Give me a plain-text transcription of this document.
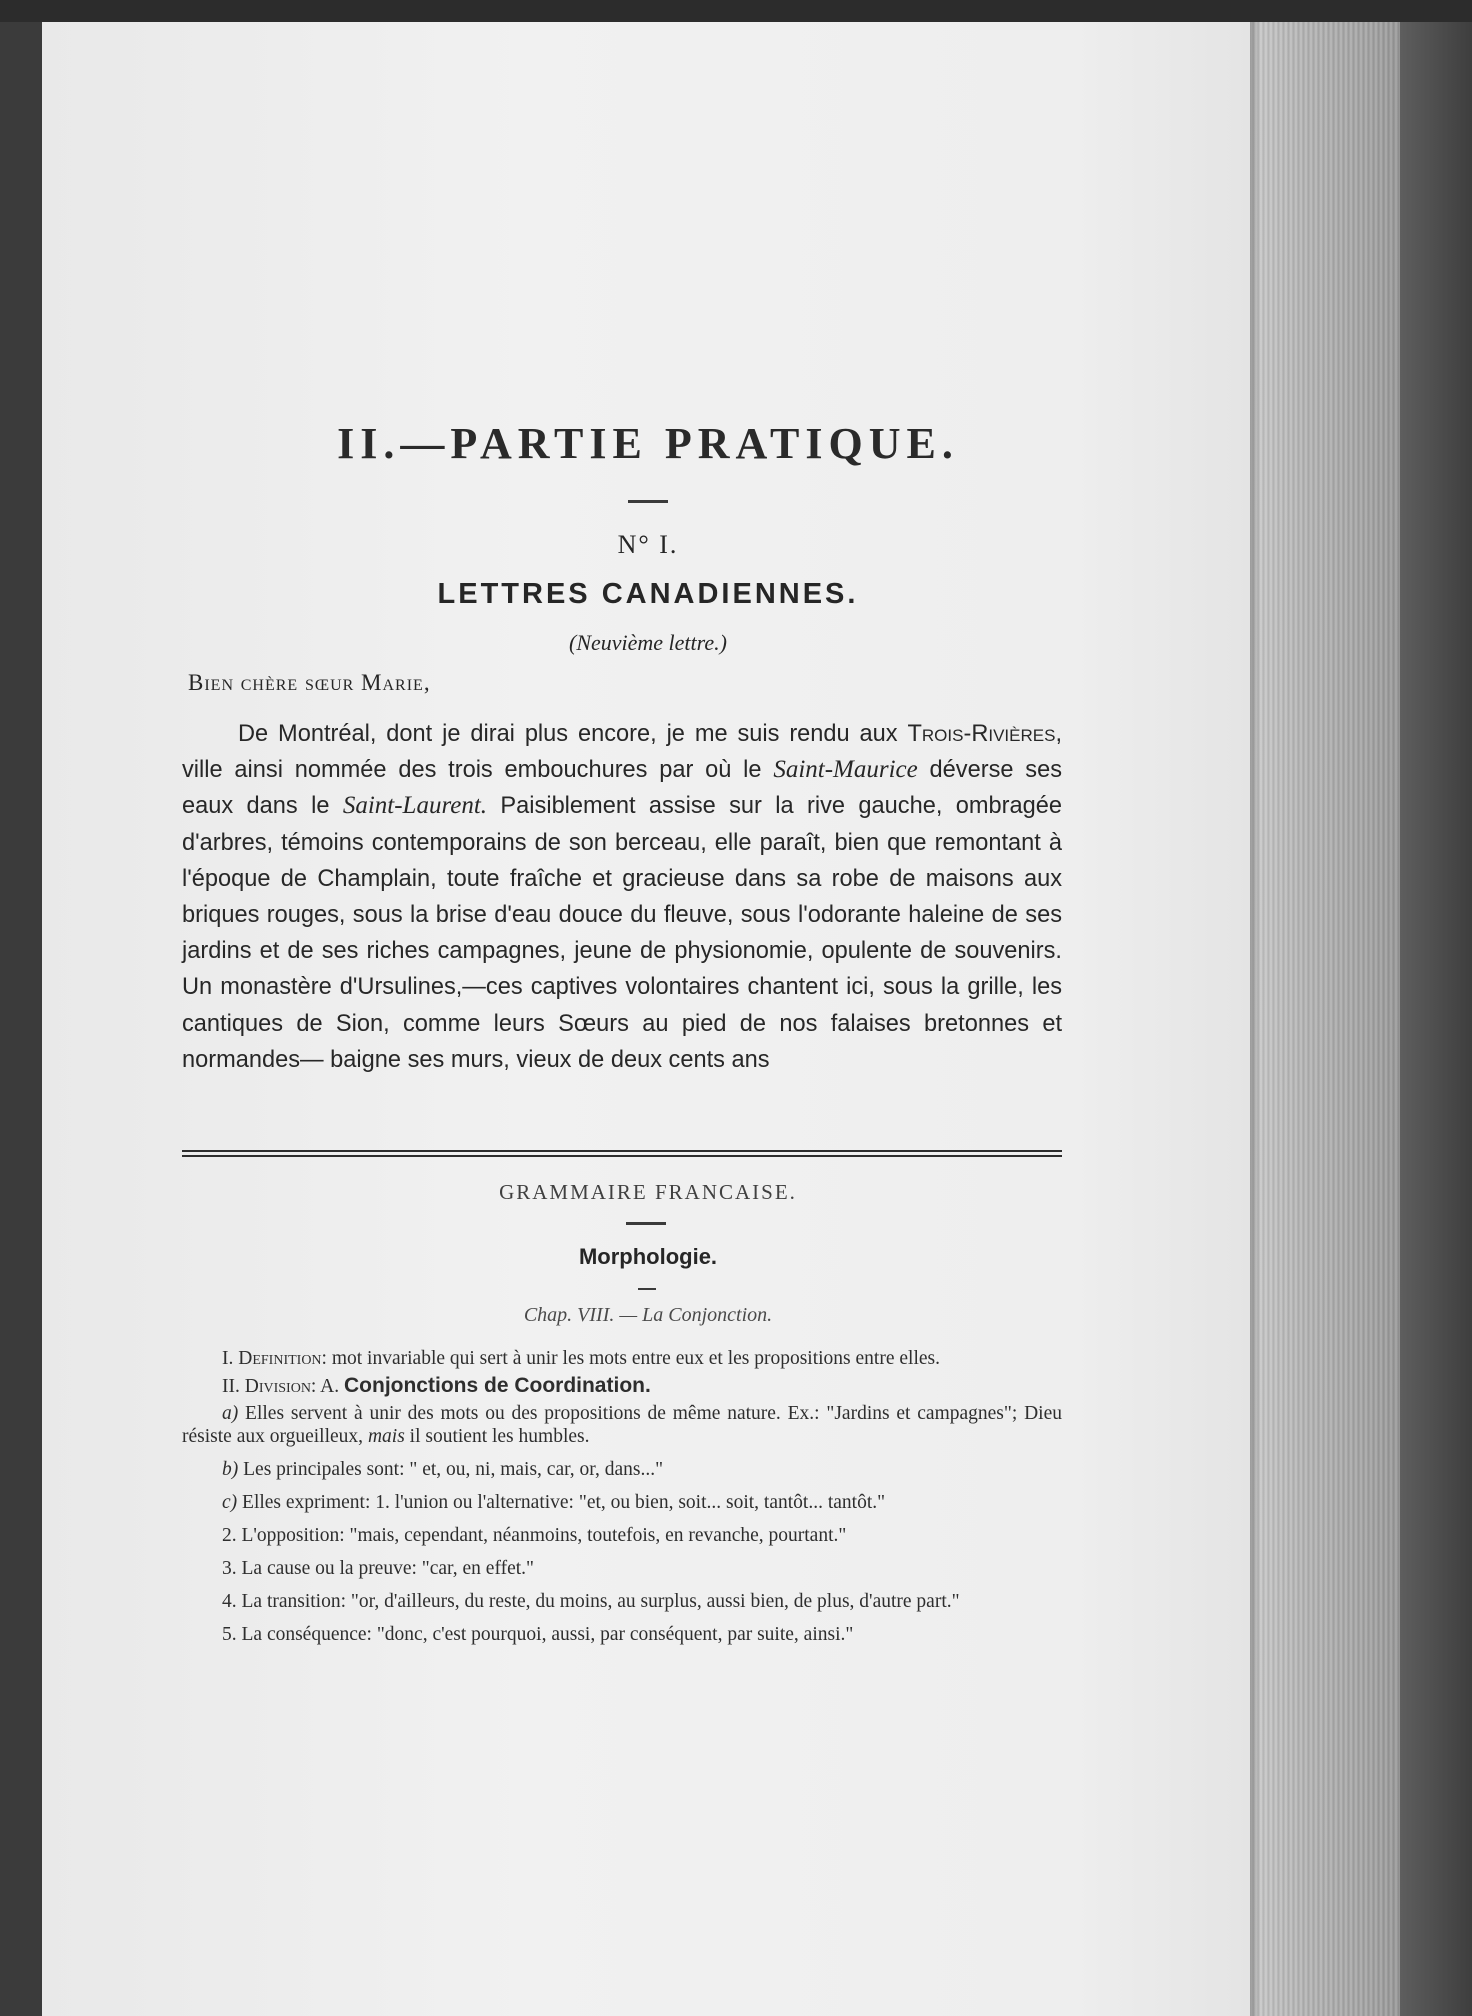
II.—PARTIE PRATIQUE.
N° I.
LETTRES CANADIENNES.
(Neuvième lettre.)
Bien chère sœur Marie,

De Montréal, dont je dirai plus encore, je me suis rendu aux Trois-Rivières, ville ainsi nommée des trois embouchures par où le Saint-Maurice déverse ses eaux dans le Saint-Laurent. Paisiblement assise sur la rive gauche, ombragée d'arbres, témoins contemporains de son berceau, elle paraît, bien que remontant à l'époque de Champlain, toute fraîche et gracieuse dans sa robe de maisons aux briques rouges, sous la brise d'eau douce du fleuve, sous l'odorante haleine de ses jardins et de ses riches campagnes, jeune de physionomie, opulente de souvenirs. Un monastère d'Ursulines,—ces captives volontaires chantent ici, sous la grille, les cantiques de Sion, comme leurs Sœurs au pied de nos falaises bretonnes et normandes— baigne ses murs, vieux de deux cents ans

GRAMMAIRE FRANCAISE.
Morphologie.
Chap. VIII. — La Conjonction.

I. Definition: mot invariable qui sert à unir les mots entre eux et les propositions entre elles.

II. Division: A. Conjonctions de Coordination.

a) Elles servent à unir des mots ou des propositions de même nature. Ex.: "Jardins et campagnes"; Dieu résiste aux orgueilleux, mais il soutient les humbles.

b) Les principales sont: " et, ou, ni, mais, car, or, dans..."

c) Elles expriment: 1. l'union ou l'alternative: "et, ou bien, soit... soit, tantôt... tantôt."

2. L'opposition: "mais, cependant, néanmoins, toutefois, en revanche, pourtant."

3. La cause ou la preuve: "car, en effet."

4. La transition: "or, d'ailleurs, du reste, du moins, au surplus, aussi bien, de plus, d'autre part."

5. La conséquence: "donc, c'est pourquoi, aussi, par conséquent, par suite, ainsi."
